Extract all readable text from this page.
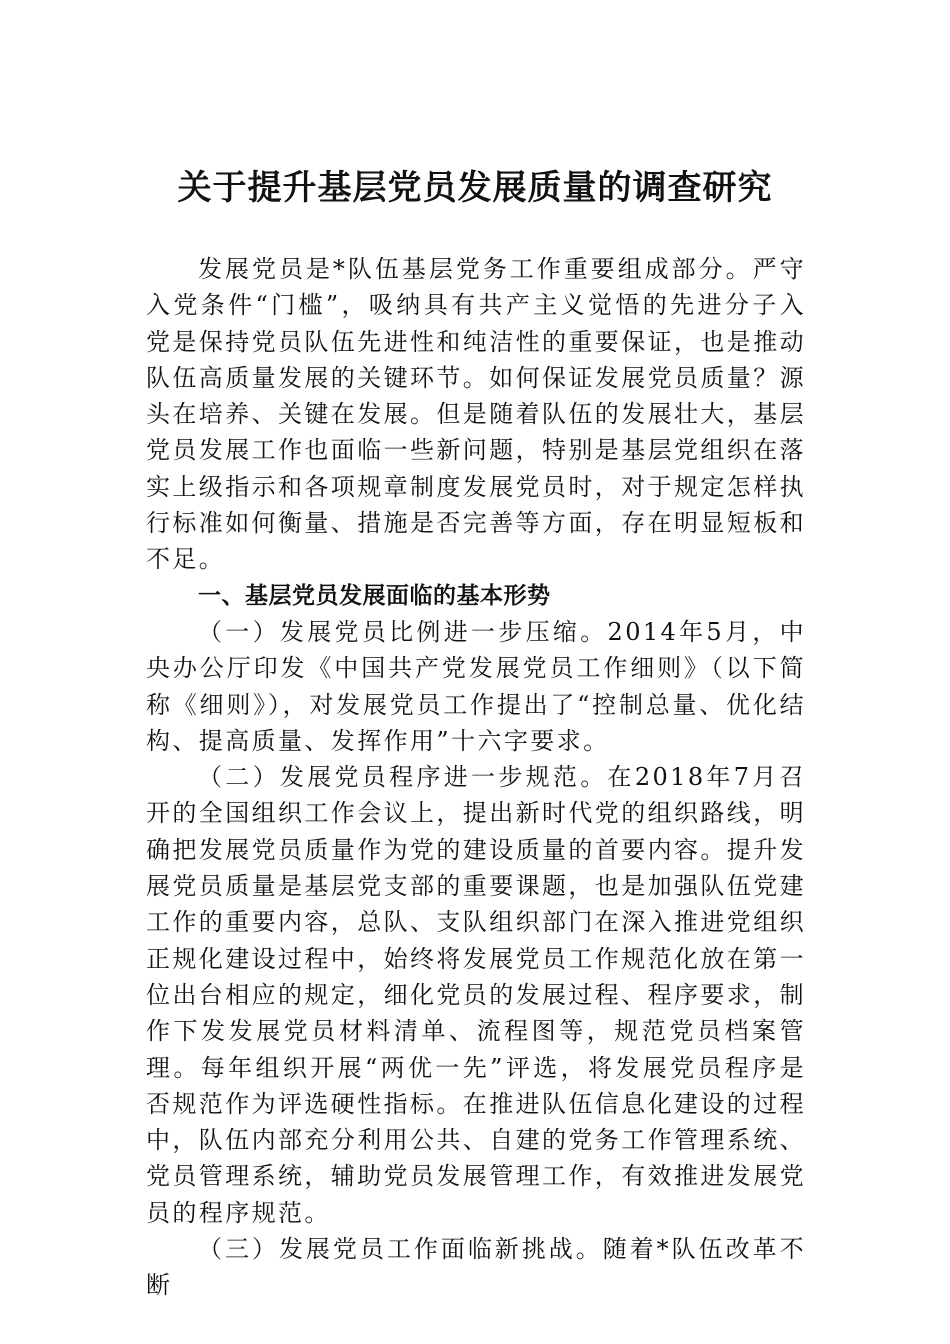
关于提升基层党员发展质量的调查研究

发展党员是*队伍基层党务工作重要组成部分。严守入党条件“门槛”，吸纳具有共产主义觉悟的先进分子入党是保持党员队伍先进性和纯洁性的重要保证，也是推动队伍高质量发展的关键环节。如何保证发展党员质量？源头在培养、关键在发展。但是随着队伍的发展壮大，基层党员发展工作也面临一些新问题，特别是基层党组织在落实上级指示和各项规章制度发展党员时，对于规定怎样执行标准如何衡量、措施是否完善等方面，存在明显短板和不足。

一、基层党员发展面临的基本形势

（一）发展党员比例进一步压缩。2014年5月，中央办公厅印发《中国共产党发展党员工作细则》（以下简称《细则》），对发展党员工作提出了“控制总量、优化结构、提高质量、发挥作用”十六字要求。

（二）发展党员程序进一步规范。在2018年7月召开的全国组织工作会议上，提出新时代党的组织路线，明确把发展党员质量作为党的建设质量的首要内容。提升发展党员质量是基层党支部的重要课题，也是加强队伍党建工作的重要内容，总队、支队组织部门在深入推进党组织正规化建设过程中，始终将发展党员工作规范化放在第一位出台相应的规定，细化党员的发展过程、程序要求，制作下发发展党员材料清单、流程图等，规范党员档案管理。每年组织开展“两优一先”评选，将发展党员程序是否规范作为评选硬性指标。在推进队伍信息化建设的过程中，队伍内部充分利用公共、自建的党务工作管理系统、党员管理系统，辅助党员发展管理工作，有效推进发展党员的程序规范。

（三）发展党员工作面临新挑战。随着*队伍改革不断
